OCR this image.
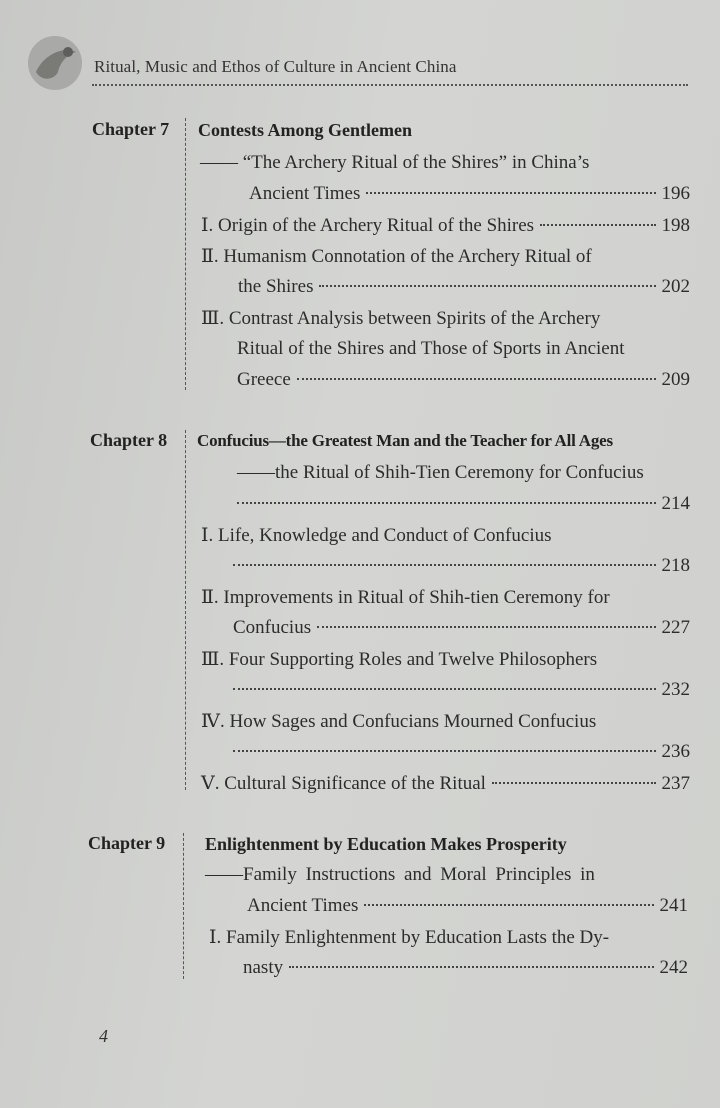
Ritual, Music and Ethos of Culture in Ancient China
Chapter 7 Contests Among Gentlemen
—— “The Archery Ritual of the Shires” in China’s
Ancient Times	196
Ⅰ. Origin of the Archery Ritual of the Shires	198
Ⅱ. Humanism Connotation of the Archery Ritual of
the Shires	202
Ⅲ. Contrast Analysis between Spirits of the Archery
Ritual of the Shires and Those of Sports in Ancient
Greece	209
Chapter 8 Confucius—the Greatest Man and the Teacher for All Ages
——the Ritual of Shih-Tien Ceremony for Confucius
214
Ⅰ. Life, Knowledge and Conduct of Confucius
218
Ⅱ. Improvements in Ritual of Shih-tien Ceremony for
Confucius	227
Ⅲ. Four Supporting Roles and Twelve Philosophers
232
Ⅳ. How Sages and Confucians Mourned Confucius
236
Ⅴ. Cultural Significance of the Ritual	237
Chapter 9 Enlightenment by Education Makes Prosperity
——Family Instructions and Moral Principles in
Ancient Times	241
Ⅰ. Family Enlightenment by Education Lasts the Dy-
nasty	242
4
